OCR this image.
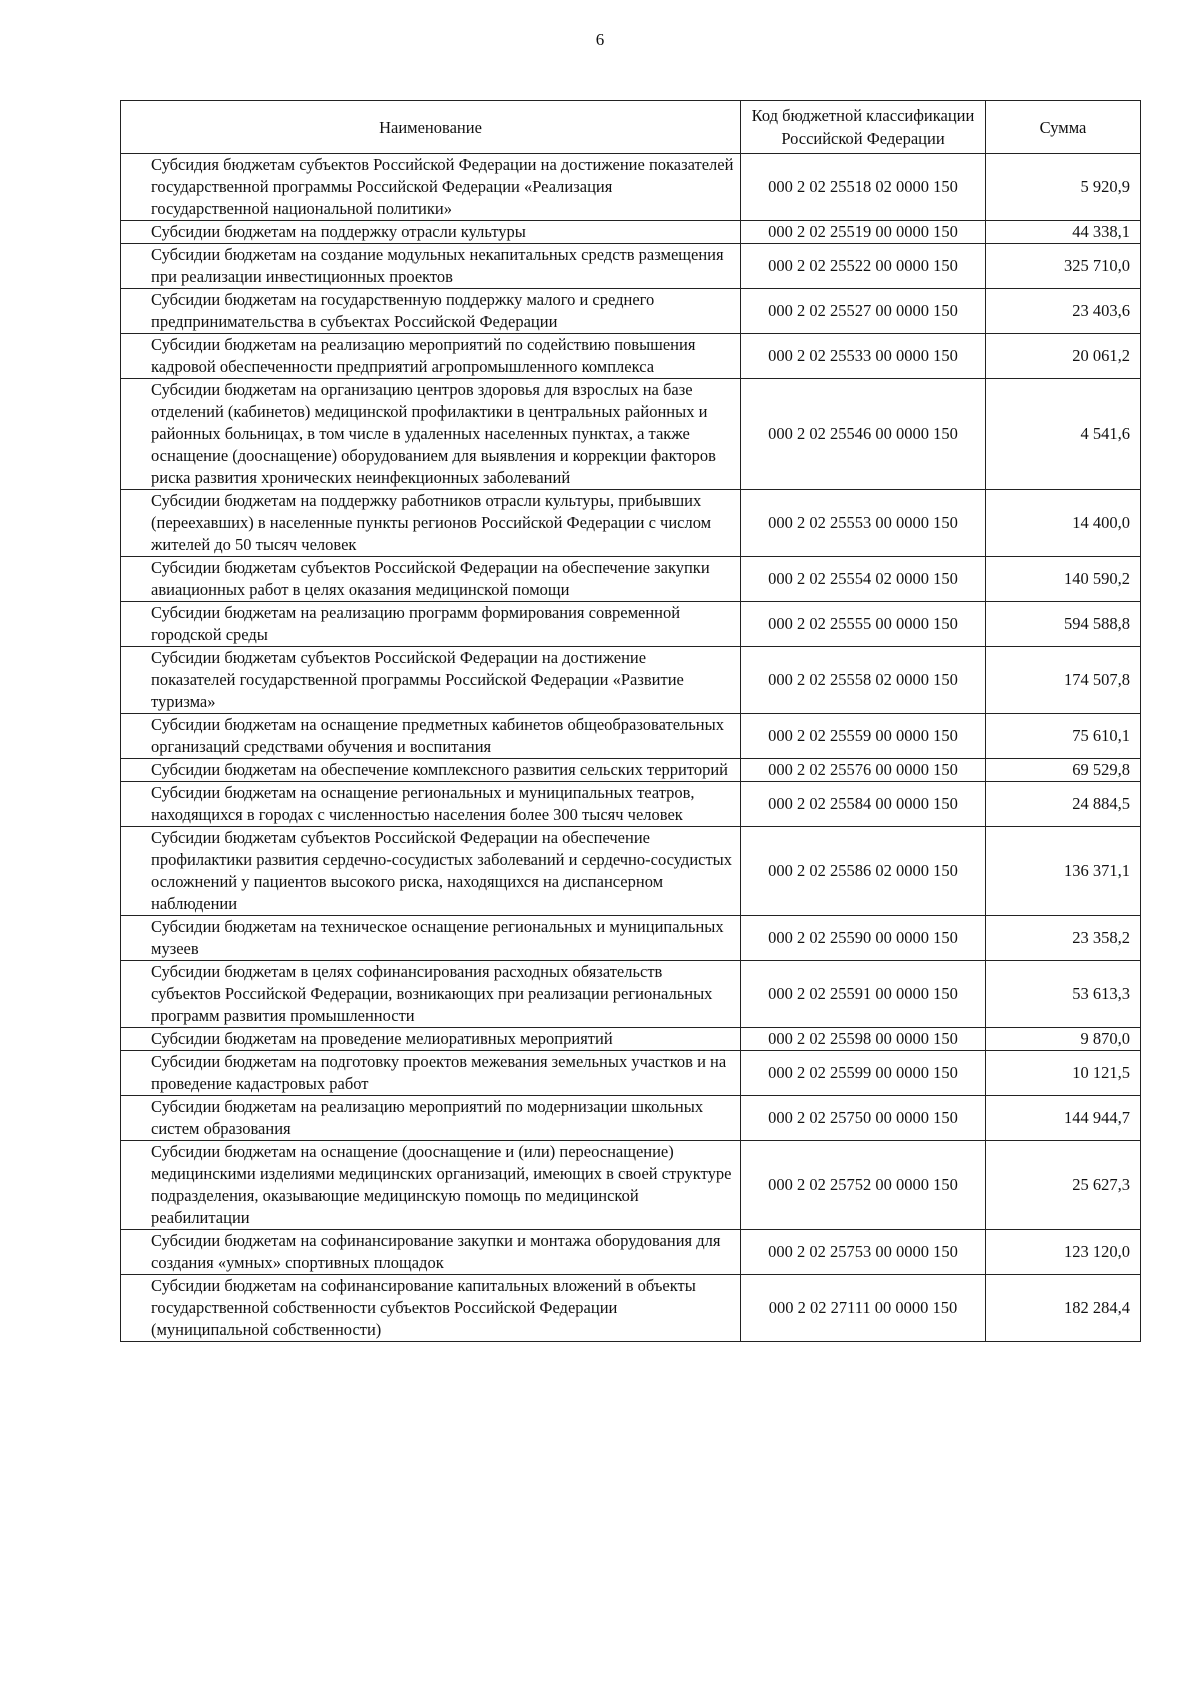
6
Наименование	Код бюджетной классификации Российской Федерации	Сумма
Субсидия бюджетам субъектов Российской Федерации на достижение показателей государственной программы Российской Федерации «Реализация государственной национальной политики»	000 2 02 25518 02 0000 150	5 920,9
Субсидии бюджетам на поддержку отрасли культуры	000 2 02 25519 00 0000 150	44 338,1
Субсидии бюджетам на создание модульных некапитальных средств размещения при реализации инвестиционных проектов	000 2 02 25522 00 0000 150	325 710,0
Субсидии бюджетам на государственную поддержку малого и среднего предпринимательства в субъектах Российской Федерации	000 2 02 25527 00 0000 150	23 403,6
Субсидии бюджетам на реализацию мероприятий по содействию повышения кадровой обеспеченности предприятий агропромышленного комплекса	000 2 02 25533 00 0000 150	20 061,2
Субсидии бюджетам на организацию центров здоровья для взрослых на базе отделений (кабинетов) медицинской профилактики в центральных районных и районных больницах, в том числе в удаленных населенных пунктах, а также оснащение (дооснащение) оборудованием для выявления и коррекции факторов риска развития хронических неинфекционных заболеваний	000 2 02 25546 00 0000 150	4 541,6
Субсидии бюджетам на поддержку работников отрасли культуры, прибывших (переехавших) в населенные пункты регионов Российской Федерации с числом жителей до 50 тысяч человек	000 2 02 25553 00 0000 150	14 400,0
Субсидии бюджетам субъектов Российской Федерации на обеспечение закупки авиационных работ в целях оказания медицинской помощи	000 2 02 25554 02 0000 150	140 590,2
Субсидии бюджетам на реализацию программ формирования современной городской среды	000 2 02 25555 00 0000 150	594 588,8
Субсидии бюджетам субъектов Российской Федерации на достижение показателей государственной программы Российской Федерации «Развитие туризма»	000 2 02 25558 02 0000 150	174 507,8
Субсидии бюджетам на оснащение предметных кабинетов общеобразовательных организаций средствами обучения и воспитания	000 2 02 25559 00 0000 150	75 610,1
Субсидии бюджетам на обеспечение комплексного развития сельских территорий	000 2 02 25576 00 0000 150	69 529,8
Субсидии бюджетам на оснащение региональных и муниципальных театров, находящихся в городах с численностью населения более 300 тысяч человек	000 2 02 25584 00 0000 150	24 884,5
Субсидии бюджетам субъектов Российской Федерации на обеспечение профилактики развития сердечно-сосудистых заболеваний и сердечно-сосудистых осложнений у пациентов высокого риска, находящихся на диспансерном наблюдении	000 2 02 25586 02 0000 150	136 371,1
Субсидии бюджетам на техническое оснащение региональных и муниципальных музеев	000 2 02 25590 00 0000 150	23 358,2
Субсидии бюджетам в целях софинансирования расходных обязательств субъектов Российской Федерации, возникающих при реализации региональных программ развития промышленности	000 2 02 25591 00 0000 150	53 613,3
Субсидии бюджетам на проведение мелиоративных мероприятий	000 2 02 25598 00 0000 150	9 870,0
Субсидии бюджетам на подготовку проектов межевания земельных участков и на проведение кадастровых работ	000 2 02 25599 00 0000 150	10 121,5
Субсидии бюджетам на реализацию мероприятий по модернизации школьных систем образования	000 2 02 25750 00 0000 150	144 944,7
Субсидии бюджетам на оснащение (дооснащение и (или) переоснащение) медицинскими изделиями медицинских организаций, имеющих в своей структуре подразделения, оказывающие медицинскую помощь по медицинской реабилитации	000 2 02 25752 00 0000 150	25 627,3
Субсидии бюджетам на софинансирование закупки и монтажа оборудования для создания «умных» спортивных площадок	000 2 02 25753 00 0000 150	123 120,0
Субсидии бюджетам на софинансирование капитальных вложений в объекты государственной собственности субъектов Российской Федерации (муниципальной собственности)	000 2 02 27111 00 0000 150	182 284,4
